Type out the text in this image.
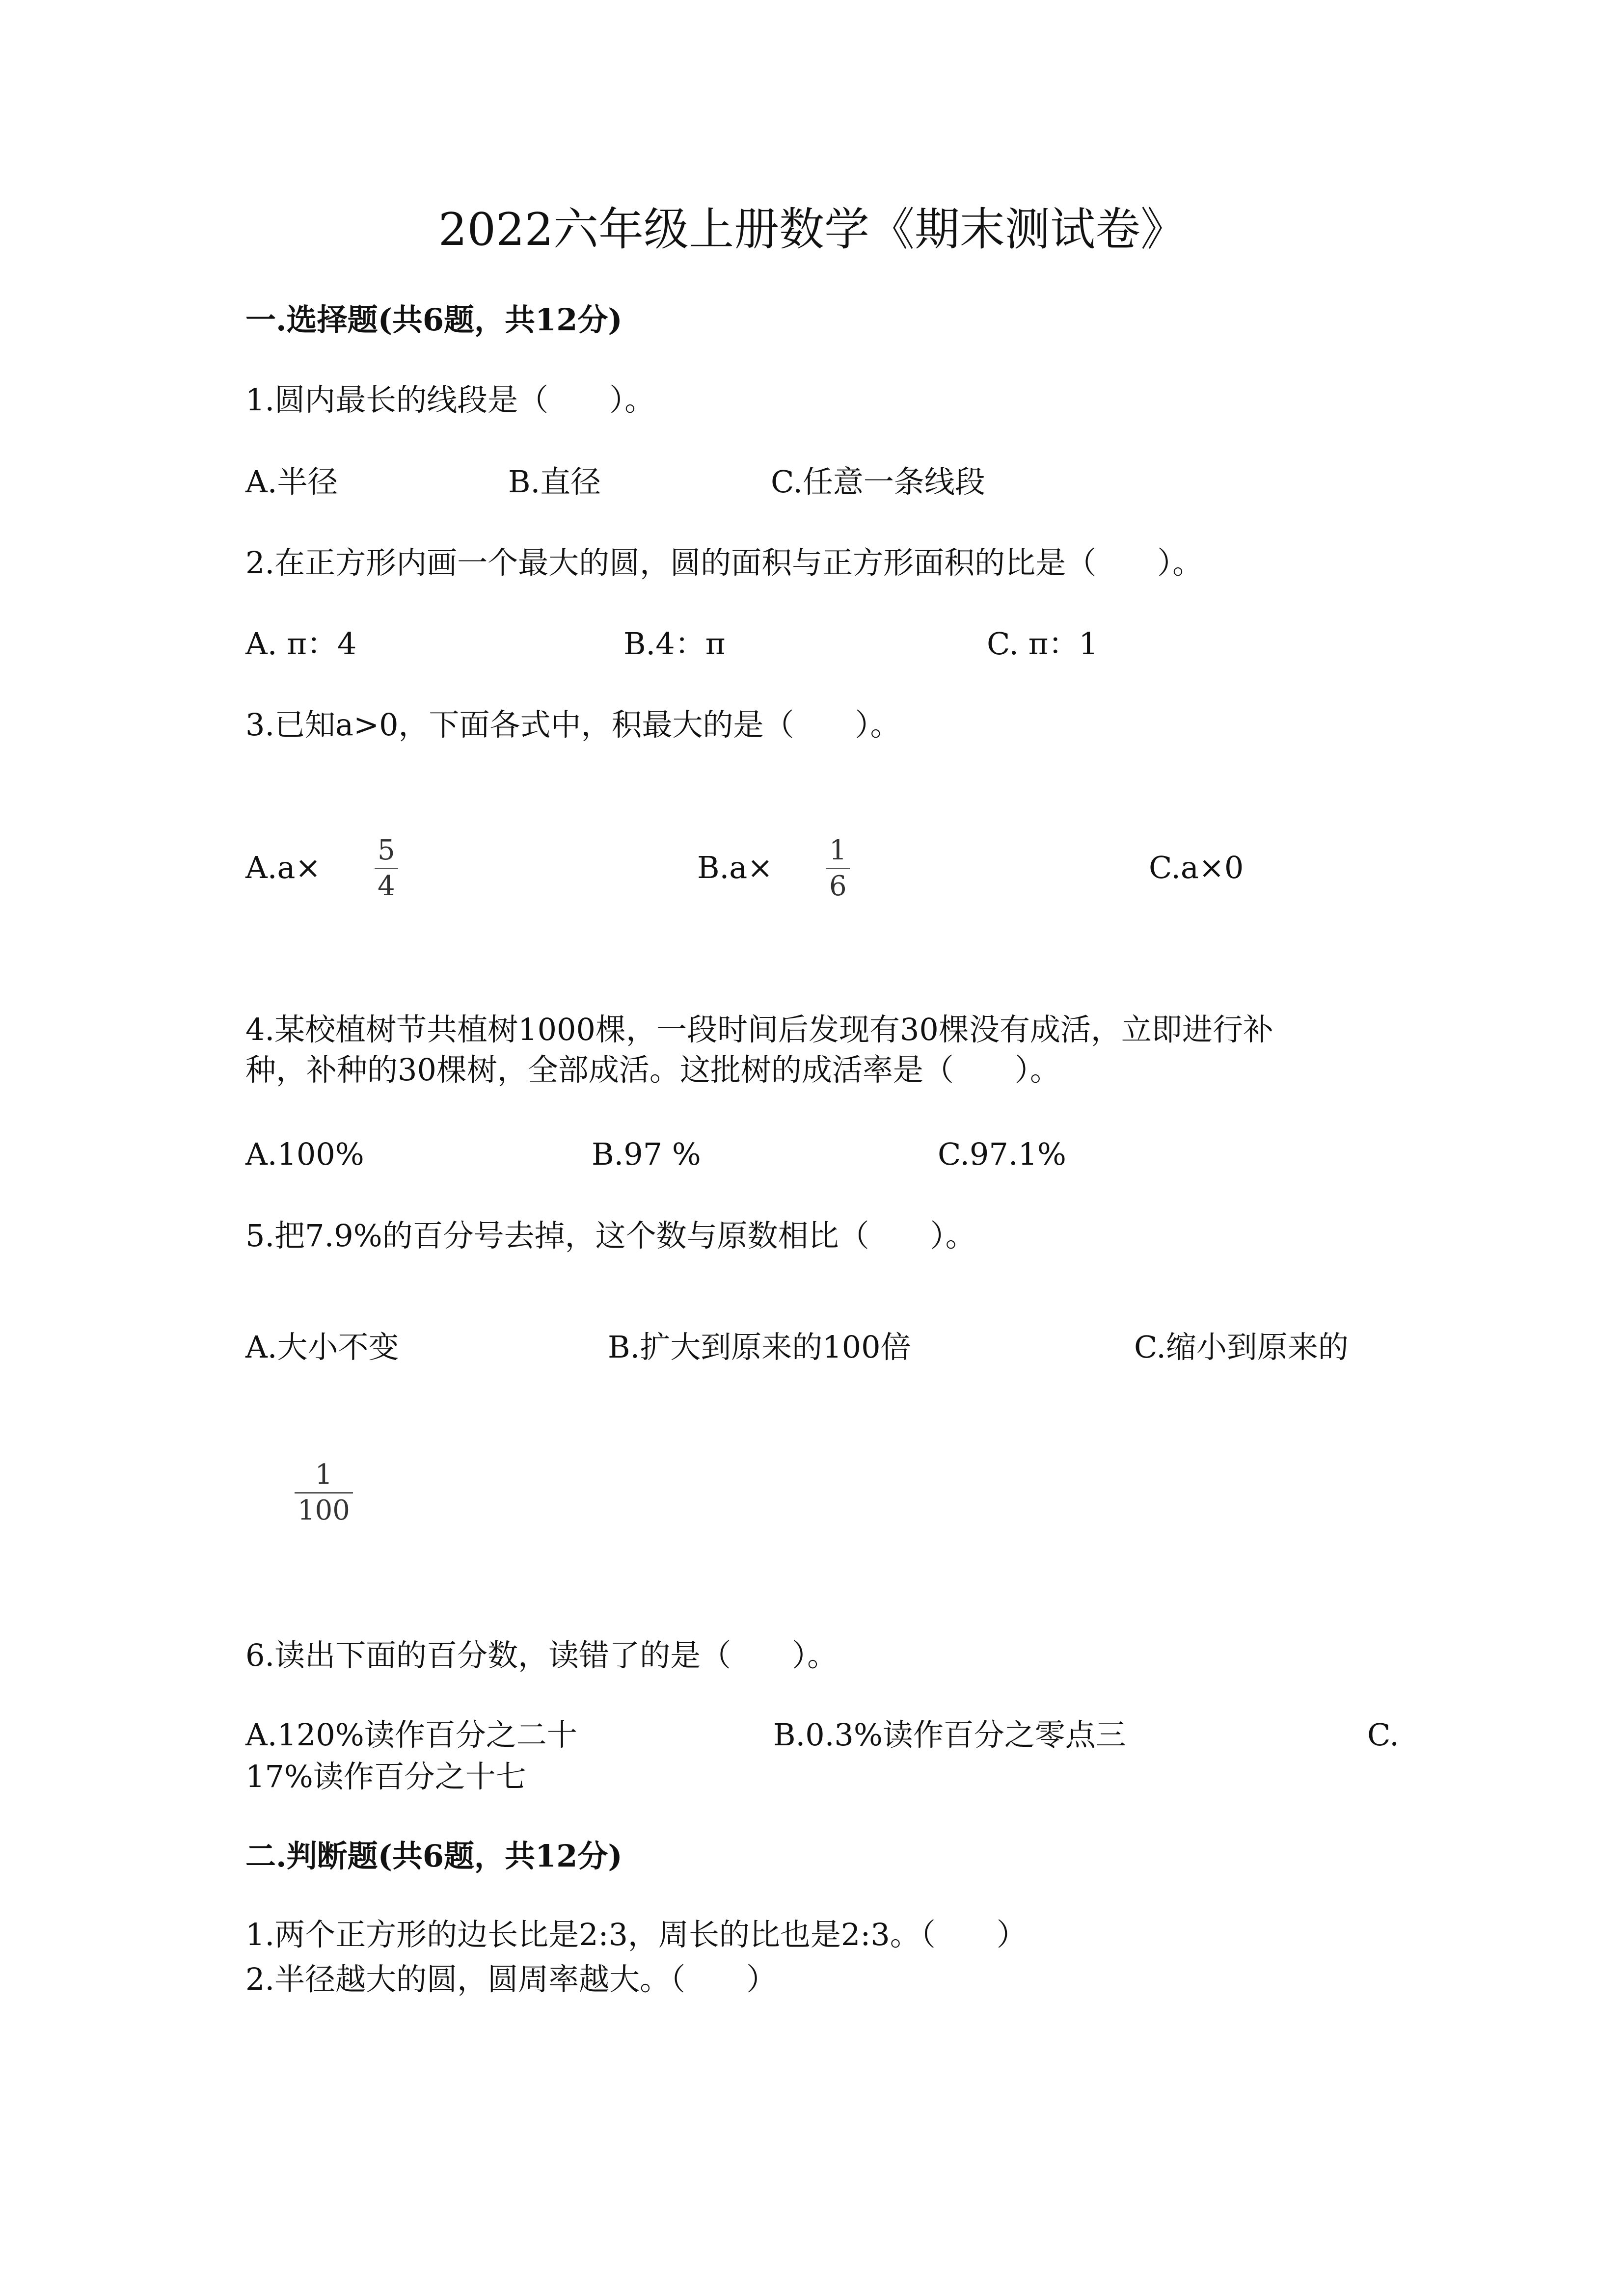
2022六年级上册数学《期末测试卷》
一.选择题(共6题，共12分)
1.圆内最长的线段是（　　）。
A.半径	B.直径	C.任意一条线段
2.在正方形内画一个最大的圆，圆的面积与正方形面积的比是（　　）。
A. π：4	B.4：π	C. π：1
3.已知a>0，下面各式中，积最大的是（　　）。
A.a× 5
4
B.a× 1
6
C.a×0
4.某校植树节共植树1000棵，一段时间后发现有30棵没有成活，立即进行补
种，补种的30棵树，全部成活。这批树的成活率是（　　）。
A.100%	B.97 %	C.97.1%
5.把7.9%的百分号去掉，这个数与原数相比（　　）。
A.大小不变	B.扩大到原来的100倍	C.缩小到原来的
1
100
6.读出下面的百分数，读错了的是（　　）。
A.120%读作百分之二十	B.0.3%读作百分之零点三	C.
17%读作百分之十七
二.判断题(共6题，共12分)
1.两个正方形的边长比是2:3，周长的比也是2:3。（　　）
2.半径越大的圆，圆周率越大。（　　）
